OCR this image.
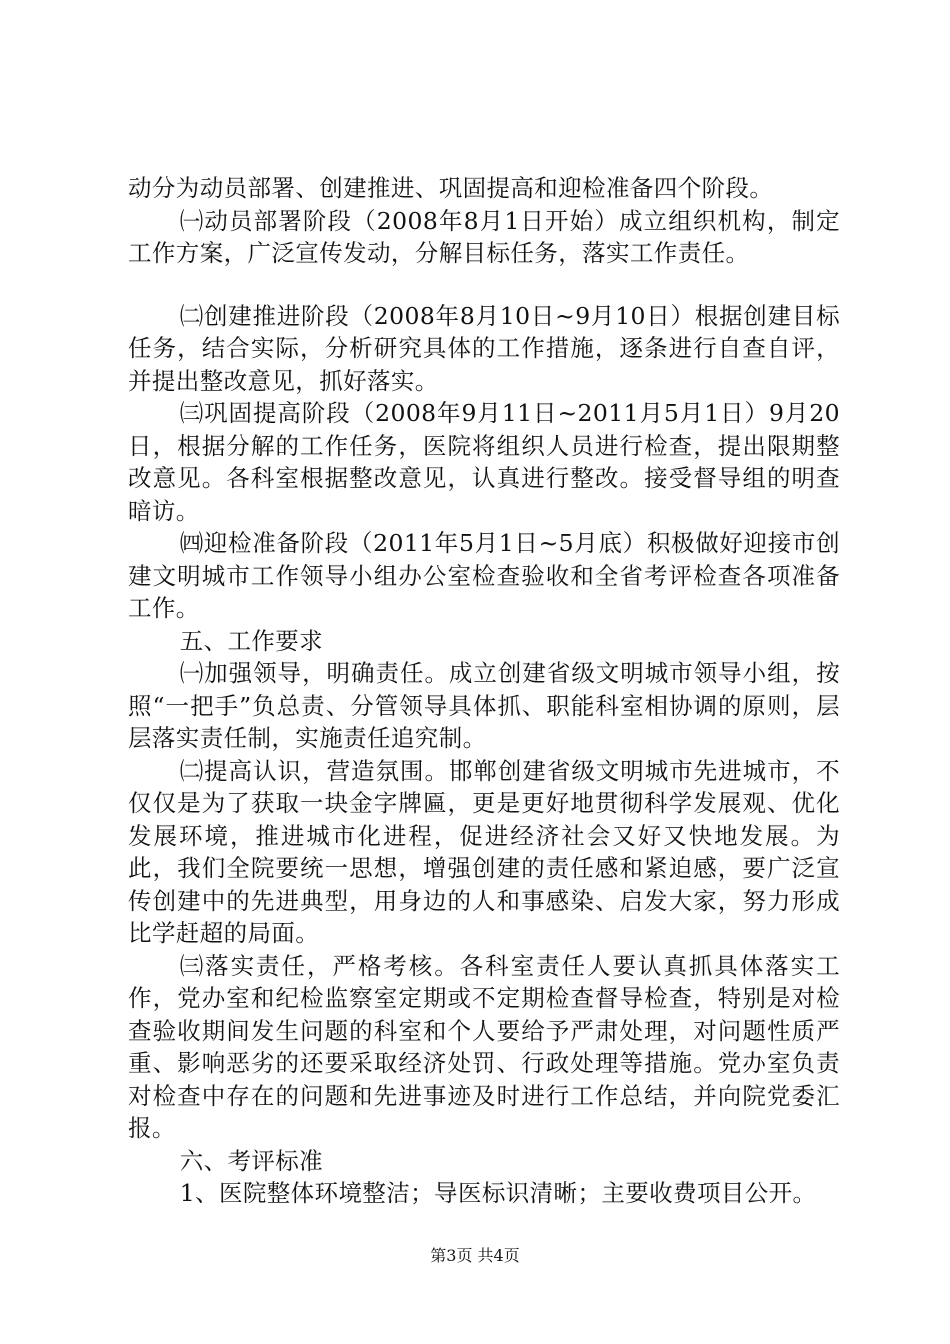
动分为动员部署、创建推进、巩固提高和迎检准备四个阶段。

㈠动员部署阶段（2008年8月1日开始）成立组织机构，制定工作方案，广泛宣传发动，分解目标任务，落实工作责任。

㈡创建推进阶段（2008年8月10日~9月10日）根据创建目标任务，结合实际，分析研究具体的工作措施，逐条进行自查自评，并提出整改意见，抓好落实。

㈢巩固提高阶段（2008年9月11日~2011月5月1日）9月20日，根据分解的工作任务，医院将组织人员进行检查，提出限期整改意见。各科室根据整改意见，认真进行整改。接受督导组的明查暗访。

㈣迎检准备阶段（2011年5月1日~5月底）积极做好迎接市创建文明城市工作领导小组办公室检查验收和全省考评检查各项准备工作。

五、工作要求

㈠加强领导，明确责任。成立创建省级文明城市领导小组，按照“一把手”负总责、分管领导具体抓、职能科室相协调的原则，层层落实责任制，实施责任追究制。

㈡提高认识，营造氛围。邯郸创建省级文明城市先进城市，不仅仅是为了获取一块金字牌匾，更是更好地贯彻科学发展观、优化发展环境，推进城市化进程，促进经济社会又好又快地发展。为此，我们全院要统一思想，增强创建的责任感和紧迫感，要广泛宣传创建中的先进典型，用身边的人和事感染、启发大家，努力形成比学赶超的局面。

㈢落实责任，严格考核。各科室责任人要认真抓具体落实工作，党办室和纪检监察室定期或不定期检查督导检查，特别是对检查验收期间发生问题的科室和个人要给予严肃处理，对问题性质严重、影响恶劣的还要采取经济处罚、行政处理等措施。党办室负责对检查中存在的问题和先进事迹及时进行工作总结，并向院党委汇报。

六、考评标准

1、医院整体环境整洁；导医标识清晰；主要收费项目公开。

第3页 共4页
